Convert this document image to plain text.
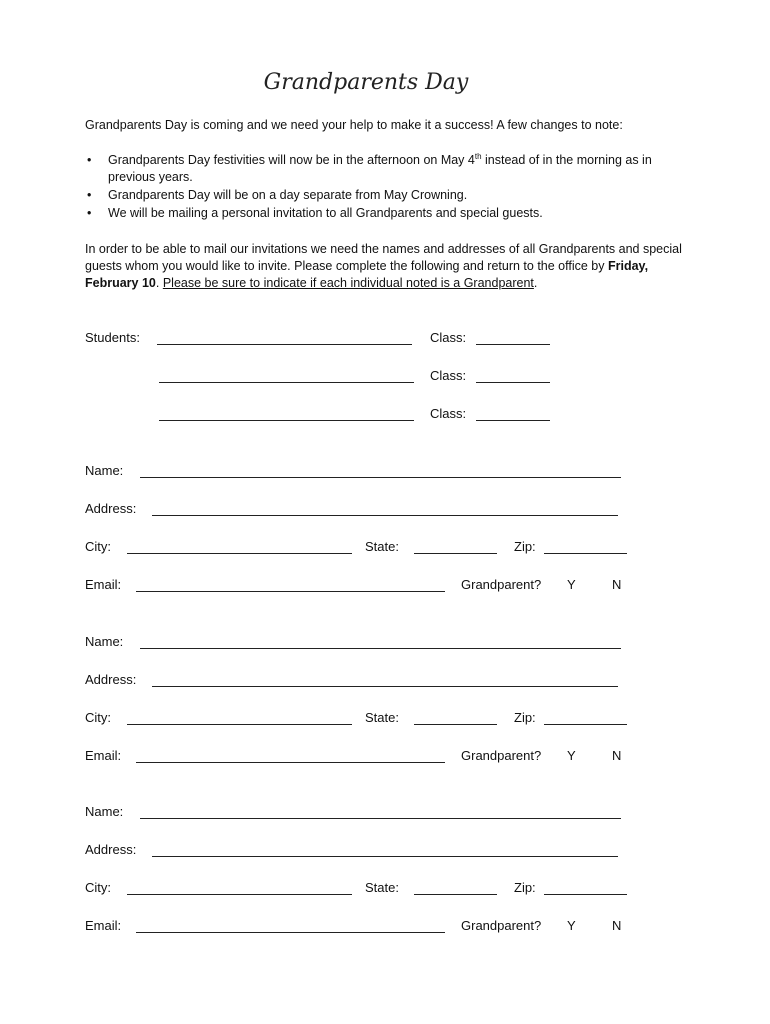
Grandparents Day
Grandparents Day is coming and we need your help to make it a success! A few changes to note:
• Grandparents Day festivities will now be in the afternoon on May 4th instead of in the morning as in previous years.
• Grandparents Day will be on a day separate from May Crowning.
• We will be mailing a personal invitation to all Grandparents and special guests.
In order to be able to mail our invitations we need the names and addresses of all Grandparents and special guests whom you would like to invite. Please complete the following and return to the office by Friday, February 10. Please be sure to indicate if each individual noted is a Grandparent.
Students:	Class:
Class:
Class:
Name:
Address:
City:	State:	Zip:
Email:	Grandparent? Y	N
Name:
Address:
City:	State:	Zip:
Email:	Grandparent? Y	N
Name:
Address:
City:	State:	Zip:
Email:	Grandparent? Y	N
